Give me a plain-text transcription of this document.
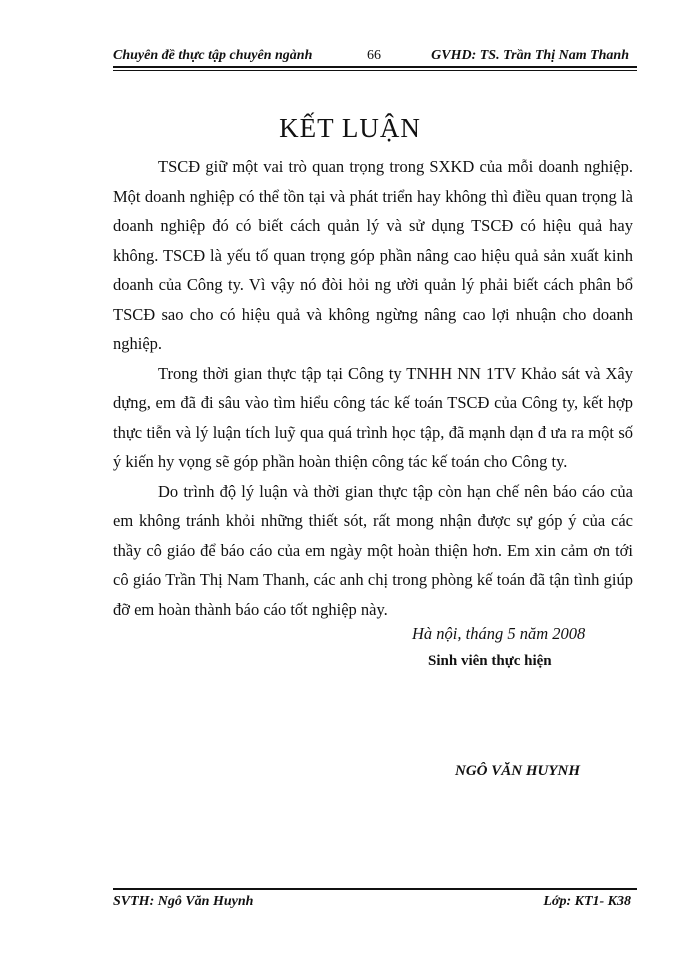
Chuyên đề thực tập chuyên ngành	66	GVHD: TS. Trần Thị Nam Thanh
KẾT LUẬN

TSCĐ giữ một vai trò quan trọng trong SXKD của mỗi doanh nghiệp. Một doanh nghiệp có thể tồn tại và phát triển hay không thì điều quan trọng là doanh nghiệp đó có biết cách quản lý và sử dụng TSCĐ có hiệu quả hay không. TSCĐ là yếu tố quan trọng góp phần nâng cao hiệu quả sản xuất kinh doanh của Công ty. Vì vậy nó đòi hỏi ng ười quản lý phải biết cách phân bổ TSCĐ sao cho có hiệu quả và không ngừng nâng cao lợi nhuận cho doanh nghiệp.

Trong thời gian thực tập tại Công ty TNHH NN 1TV Khảo sát và Xây dựng, em đã đi sâu vào tìm hiểu công tác kế toán TSCĐ của Công ty, kết hợp thực tiễn và lý luận tích luỹ qua quá trình học tập, đã mạnh dạn đ ưa ra một số ý kiến hy vọng sẽ góp phần hoàn thiện công tác kế toán cho Công ty.

Do trình độ lý luận và thời gian thực tập còn hạn chế nên báo cáo của em không tránh khỏi những thiết sót, rất mong nhận được sự góp ý của các thầy cô giáo để báo cáo của em ngày một hoàn thiện hơn. Em xin cảm ơn tới cô giáo Trần Thị Nam Thanh, các anh chị trong phòng kế toán đã tận tình giúp đỡ em hoàn thành báo cáo tốt nghiệp này.

Hà nội, tháng 5 năm 2008
Sinh viên thực hiện
NGÔ VĂN HUYNH
SVTH: Ngô Văn Huynh	Lớp: KT1- K38
